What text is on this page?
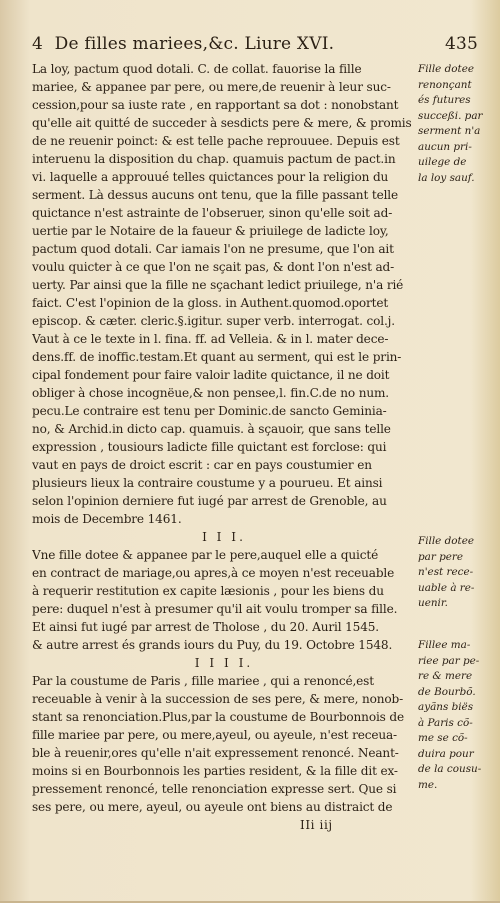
4 De filles mariees,&c. Liure XVI.	435
La loy, pactum quod dotali. C. de collat. fauorise la fille
mariee, & appanee par pere, ou mere,de reuenir à leur suc-
cession,pour sa iuste rate , en rapportant sa dot : nonobstant
qu'elle ait quitté de succeder à sesdicts pere & mere, & promis
de ne reuenir poinct: & est telle pache reprouuee. Depuis est
interuenu la disposition du chap. quamuis pactum de pact.in
vi. laquelle a approuué telles quictances pour la religion du
serment. Là dessus aucuns ont tenu, que la fille passant telle
quictance n'est astrainte de l'obseruer, sinon qu'elle soit ad-
uertie par le Notaire de la faueur & priuilege de ladicte loy,
pactum quod dotali. Car iamais l'on ne presume, que l'on ait
voulu quicter à ce que l'on ne sçait pas, & dont l'on n'est ad-
uerty. Par ainsi que la fille ne sçachant ledict priuilege, n'a rié
faict. C'est l'opinion de la gloss. in Authent.quomod.oportet
episcop. & cæter. cleric.§.igitur. super verb. interrogat. col.j.
Vaut à ce le texte in l. fina. ff. ad Velleia. & in l. mater dece-
dens.ff. de inoffic.testam.Et quant au serment, qui est le prin-
cipal fondement pour faire valoir ladite quictance, il ne doit
obliger à chose incognëue,& non pensee,l. fin.C.de no num.
pecu.Le contraire est tenu per Dominic.de sancto Geminia-
no, & Archid.in dicto cap. quamuis. à sçauoir, que sans telle
expression , tousiours ladicte fille quictant est forclose: qui
vaut en pays de droict escrit : car en pays coustumier en
plusieurs lieux la contraire coustume y a pourueu. Et ainsi
selon l'opinion derniere fut iugé par arrest de Grenoble, au
mois de Decembre 1461.
I I I.
Vne fille dotee & appanee par le pere,auquel elle a quicté
en contract de mariage,ou apres,à ce moyen n'est receuable
à requerir restitution ex capite læsionis , pour les biens du
pere: duquel n'est à presumer qu'il ait voulu tromper sa fille.
Et ainsi fut iugé par arrest de Tholose , du 20. Auril 1545.
& autre arrest és grands iours du Puy, du 19. Octobre 1548.
I I I I.
Par la coustume de Paris , fille mariee , qui a renoncé,est
receuable à venir à la succession de ses pere, & mere, nonob-
stant sa renonciation.Plus,par la coustume de Bourbonnois de
fille mariee par pere, ou mere,ayeul, ou ayeule, n'est receua-
ble à reuenir,ores qu'elle n'ait expressement renoncé. Neant-
moins si en Bourbonnois les parties resident, & la fille dit ex-
pressement renoncé, telle renonciation expresse sert. Que si
ses pere, ou mere, ayeul, ou ayeule ont biens au distraict de
Fille dotee
renonçant
és futures
succeßi. par
serment n'a
aucun pri-
uilege de
la loy sauf.
Fille dotee
par pere
n'est rece-
uable à re-
uenir.
Fillee ma-
riee par pe-
re & mere
de Bourbõ.
ayãns biës
à Paris cõ-
me se cõ-
duira pour
de la cousu-
me.
IIi iij
